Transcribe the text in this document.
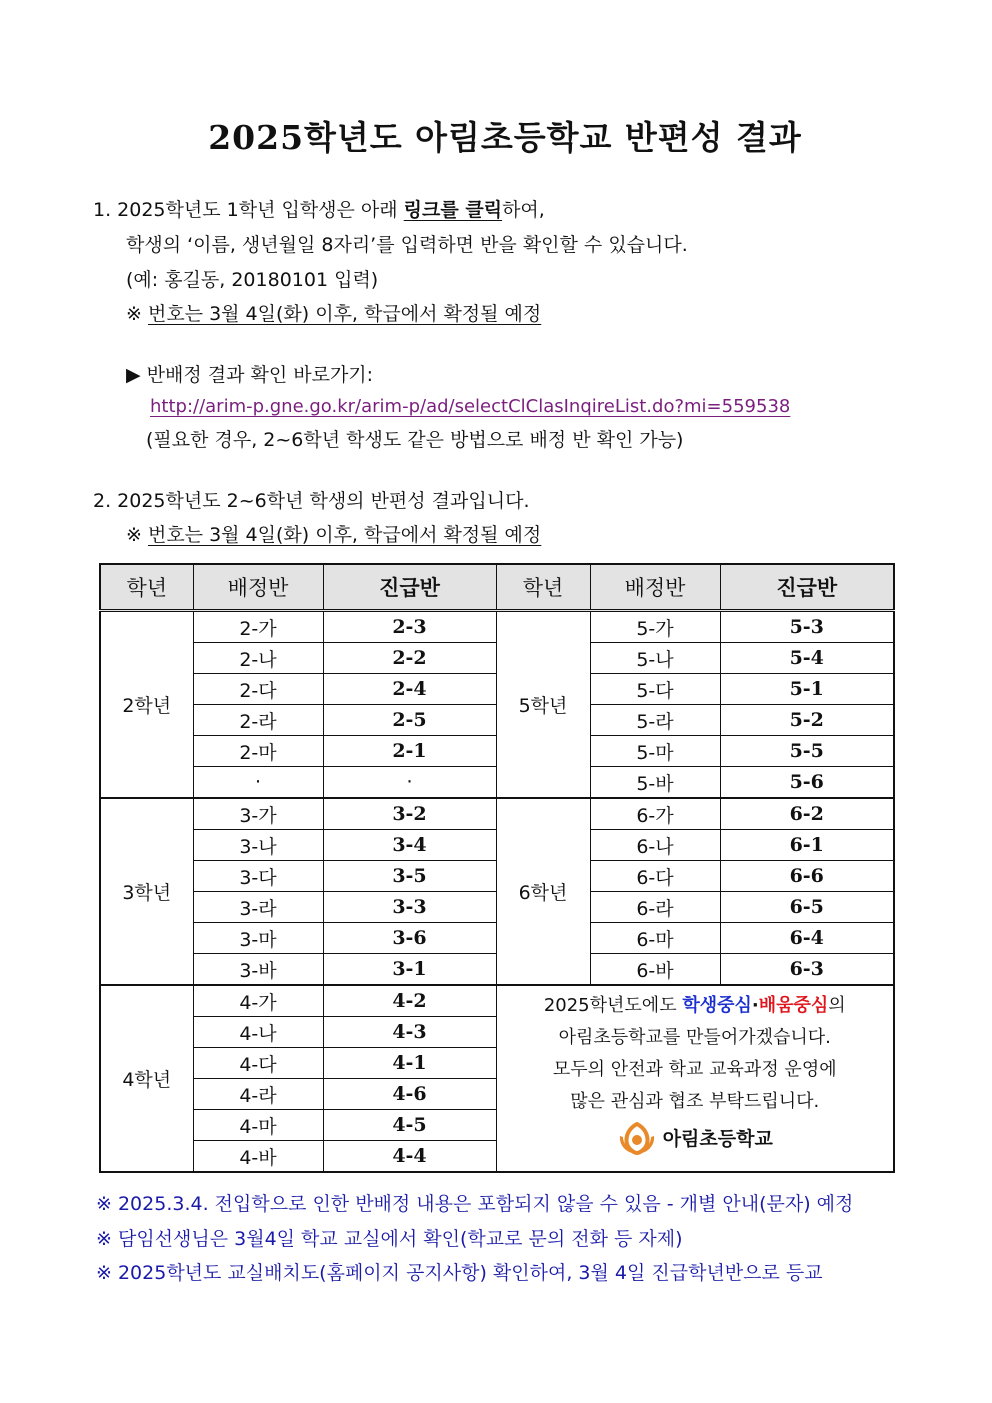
2025학년도 아림초등학교 반편성 결과
1. 2025학년도 1학년 입학생은 아래 링크를 클릭하여,
학생의 ‘이름, 생년월일 8자리’를 입력하면 반을 확인할 수 있습니다.
(예: 홍길동, 20180101 입력)
※ 번호는 3월 4일(화) 이후, 학급에서 확정될 예정
▶ 반배정 결과 확인 바로가기:
http://arim-p.gne.go.kr/arim-p/ad/selectClClasInqireList.do?mi=559538
(필요한 경우, 2~6학년 학생도 같은 방법으로 배정 반 확인 가능)
2. 2025학년도 2~6학년 학생의 반편성 결과입니다.
※ 번호는 3월 4일(화) 이후, 학급에서 확정될 예정
학년	배정반	진급반	학년	배정반	진급반
2학년	2-가	2-3	5학년	5-가	5-3
	2-나	2-2		5-나	5-4
	2-다	2-4		5-다	5-1
	2-라	2-5		5-라	5-2
	2-마	2-1		5-마	5-5
	·	·		5-바	5-6
3학년	3-가	3-2	6학년	6-가	6-2
	3-나	3-4		6-나	6-1
	3-다	3-5		6-다	6-6
	3-라	3-3		6-라	6-5
	3-마	3-6		6-마	6-4
	3-바	3-1		6-바	6-3
4학년	4-가	4-2	2025학년도에도 학생중심·배움중심의
아림초등학교를 만들어가겠습니다.
모두의 안전과 학교 교육과정 운영에
많은 관심과 협조 부탁드립니다.
아림초등학교		

	4-나	4-3			
	4-다	4-1			
	4-라	4-6			
	4-마	4-5			
	4-바	4-4			
※ 2025.3.4. 전입학으로 인한 반배정 내용은 포함되지 않을 수 있음 - 개별 안내(문자) 예정
※ 담임선생님은 3월4일 학교 교실에서 확인(학교로 문의 전화 등 자제)
※ 2025학년도 교실배치도(홈페이지 공지사항) 확인하여, 3월 4일 진급학년반으로 등교
